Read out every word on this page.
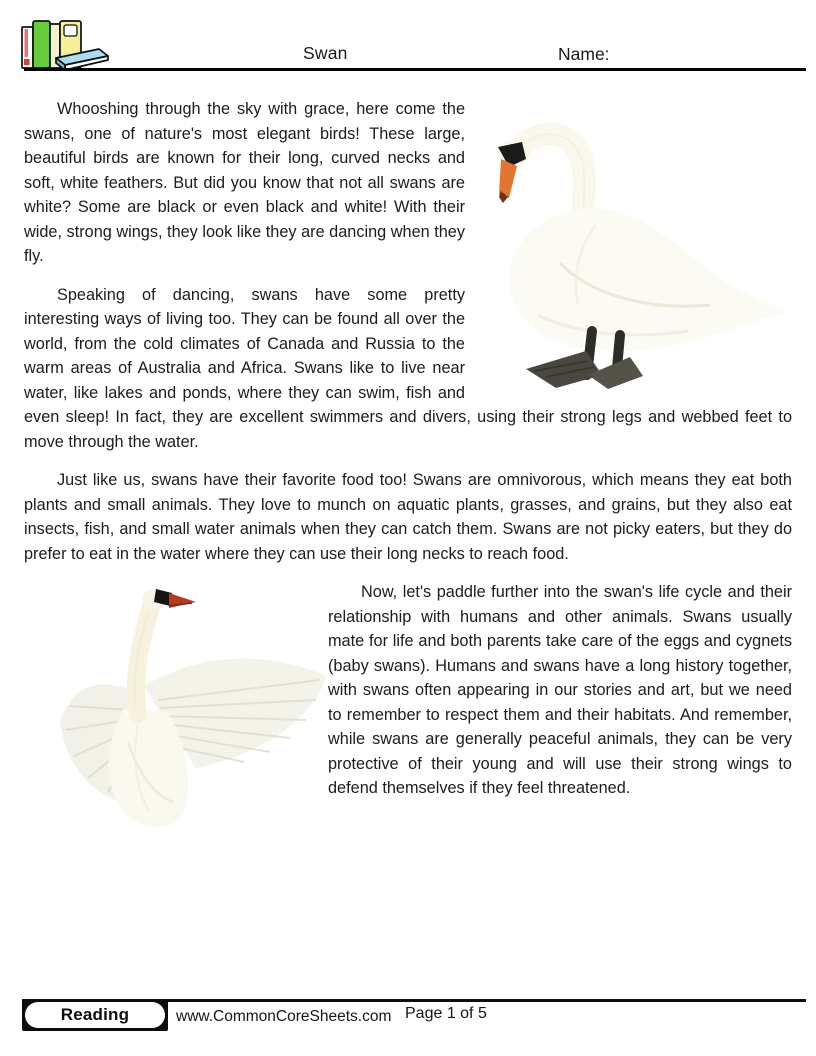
Swan	Name:

Whooshing through the sky with grace, here come the swans, one of nature's most elegant birds! These large, beautiful birds are known for their long, curved necks and soft, white feathers. But did you know that not all swans are white? Some are black or even black and white! With their wide, strong wings, they look like they are dancing when they fly.

Speaking of dancing, swans have some pretty interesting ways of living too. They can be found all over the world, from the cold climates of Canada and Russia to the warm areas of Australia and Africa. Swans like to live near water, like lakes and ponds, where they can swim, fish and even sleep! In fact, they are excellent swimmers and divers, using their strong legs and webbed feet to move through the water.

Just like us, swans have their favorite food too! Swans are omnivorous, which means they eat both plants and small animals. They love to munch on aquatic plants, grasses, and grains, but they also eat insects, fish, and small water animals when they can catch them. Swans are not picky eaters, but they do prefer to eat in the water where they can use their long necks to reach food.

Now, let's paddle further into the swan's life cycle and their relationship with humans and other animals. Swans usually mate for life and both parents take care of the eggs and cygnets (baby swans). Humans and swans have a long history together, with swans often appearing in our stories and art, but we need to remember to respect them and their habitats. And remember, while swans are generally peaceful animals, they can be very protective of their young and will use their strong wings to defend themselves if they feel threatened.

Reading	www.CommonCoreSheets.com Page 1 of 5
